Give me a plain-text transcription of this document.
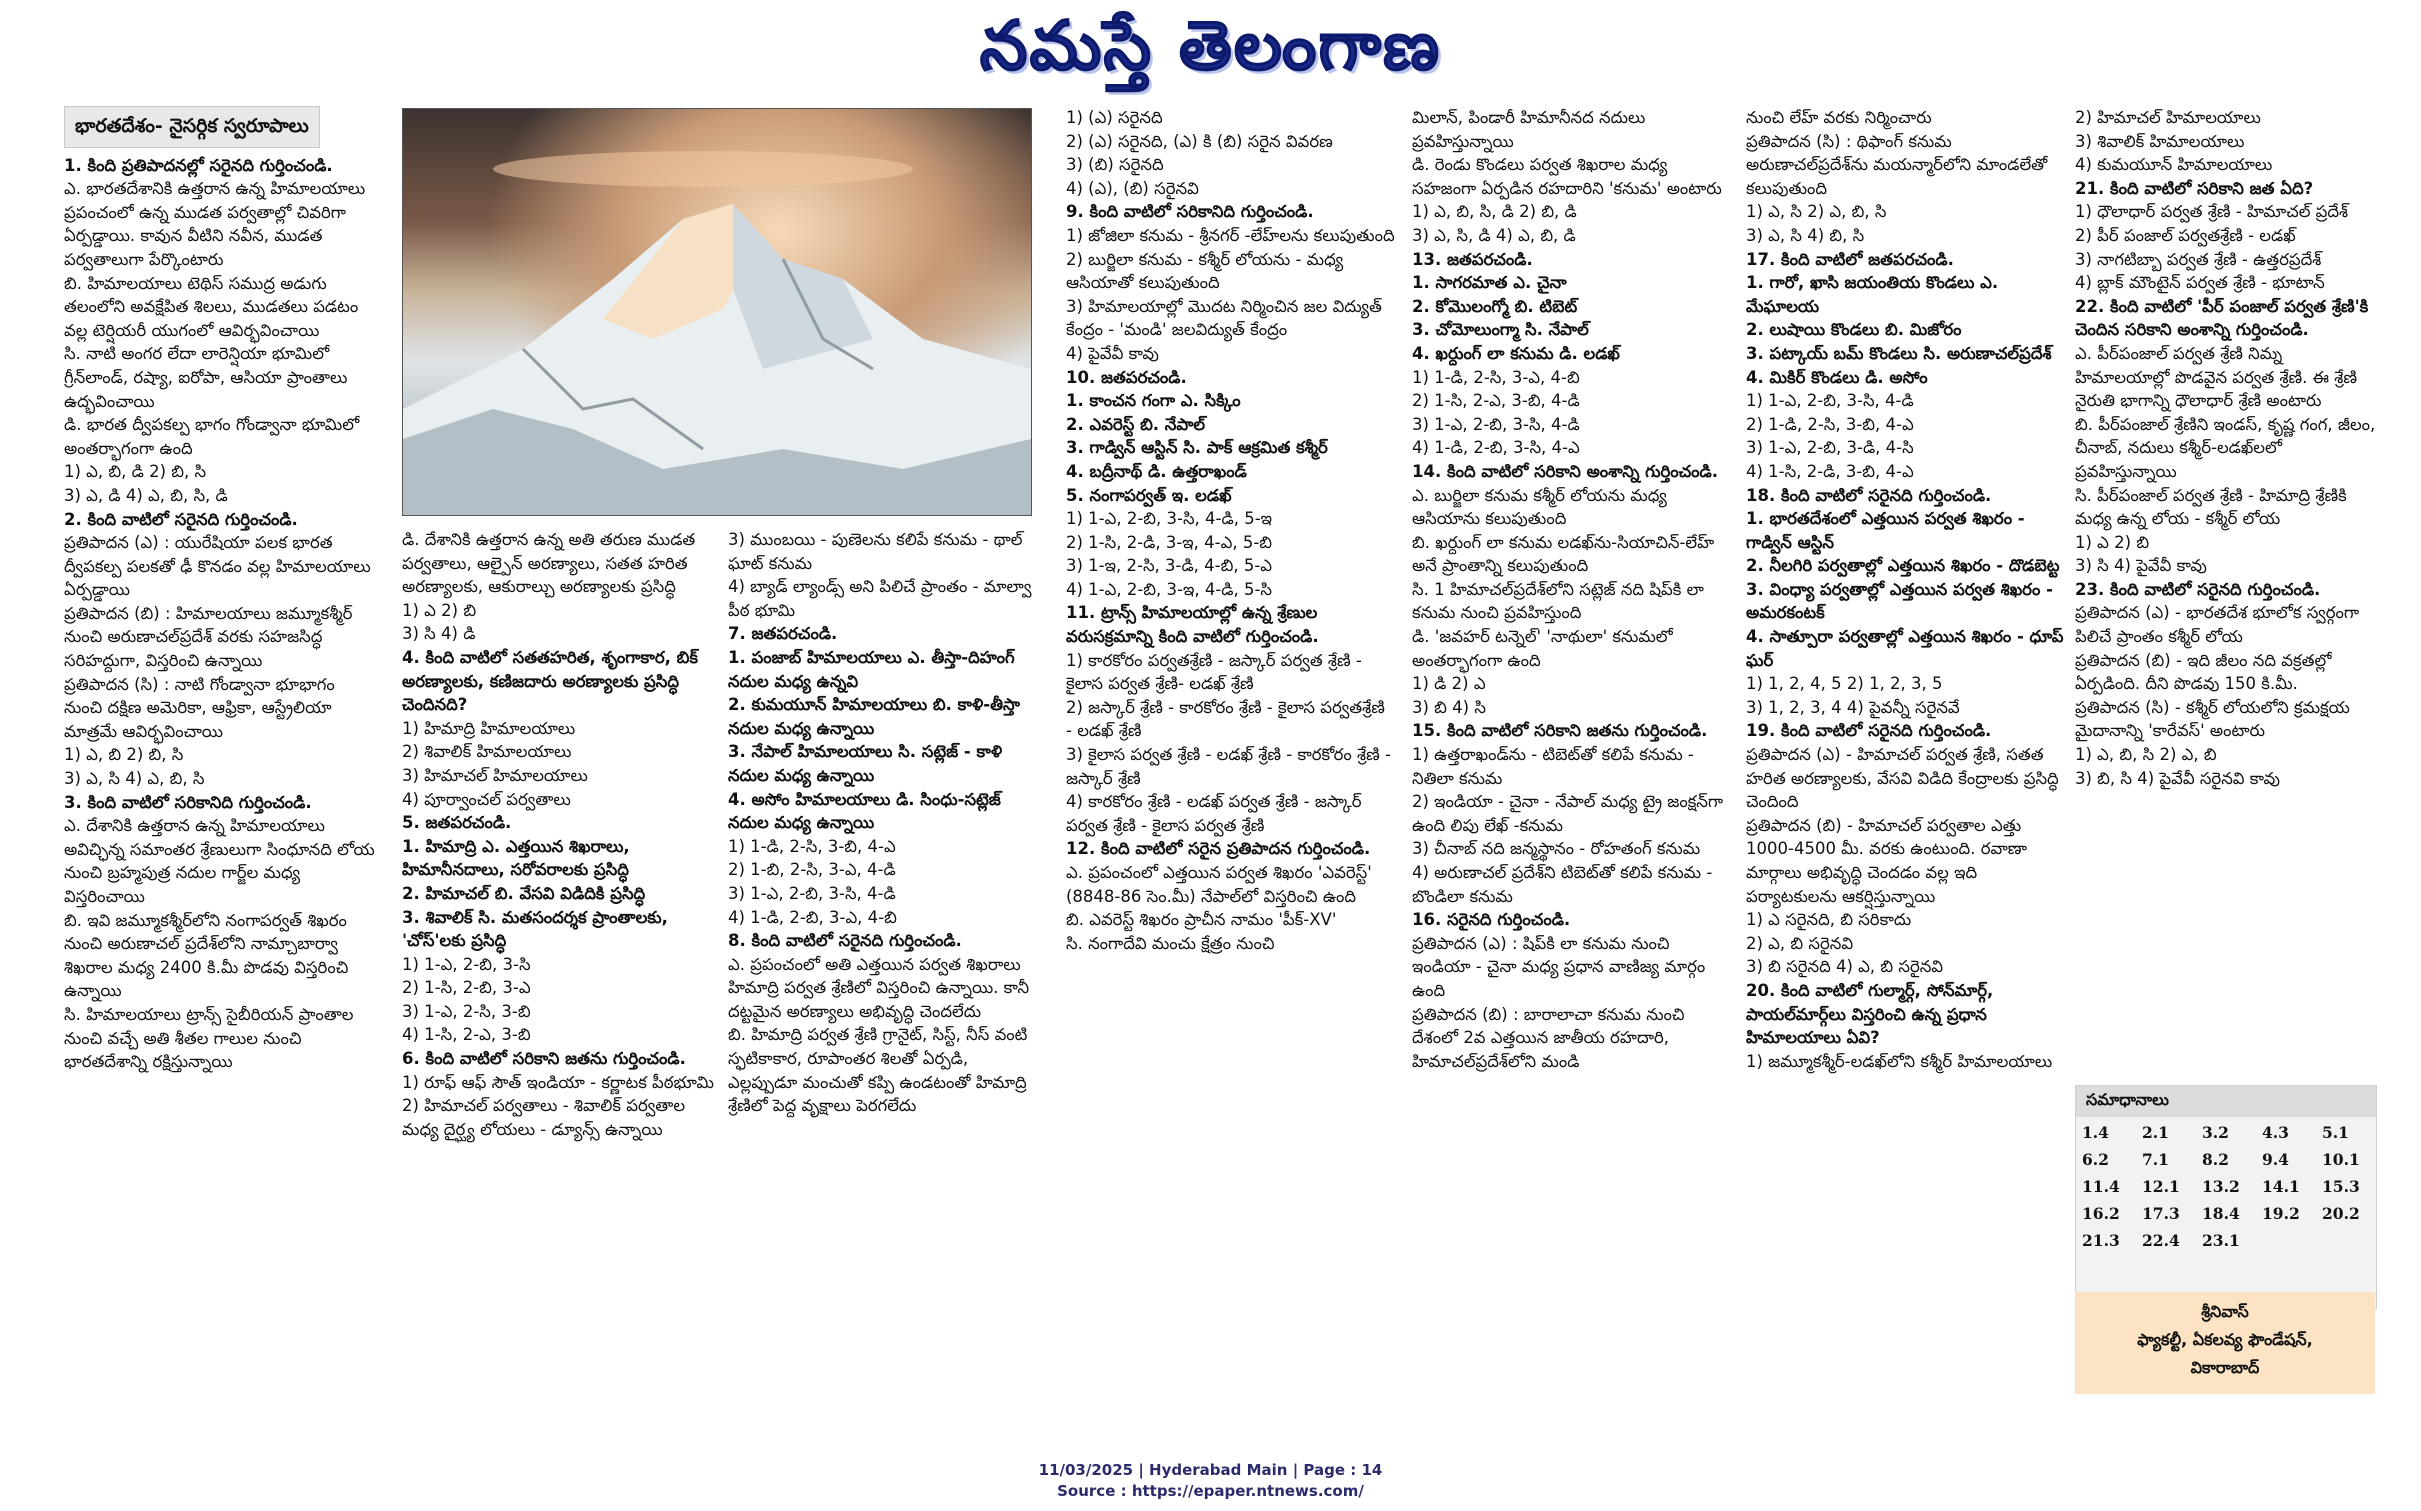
నమస్తే తెలంగాణ
భారతదేశం- నైసర్గిక స్వరూపాలు

1. కింది ప్రతిపాదనల్లో సరైనది గుర్తించండి.

ఎ. భారతదేశానికి ఉత్తరాన ఉన్న హిమాలయాలు ప్రపంచంలో ఉన్న ముడత పర్వతాల్లో చివరిగా ఏర్పడ్డాయి. కావున వీటిని నవీన, ముడత పర్వతాలుగా పేర్కొంటారు

బి. హిమాలయాలు టెథిస్ సముద్ర అడుగు తలంలోని అవక్షేపిత శిలలు, ముడతలు పడటం వల్ల టెర్షియరీ యుగంలో ఆవిర్భవించాయి

సి. నాటి అంగర లేదా లారెన్షియా భూమిలో గ్రీన్‌లాండ్, రష్యా, ఐరోపా, ఆసియా ప్రాంతాలు ఉద్భవించాయి

డి. భారత ద్వీపకల్ప భాగం గోండ్వానా భూమిలో అంతర్భాగంగా ఉంది

1) ఎ, బి, డి 2) బి, సి

3) ఎ, డి 4) ఎ, బి, సి, డి

2. కింది వాటిలో సరైనది గుర్తించండి.

ప్రతిపాదన (ఎ) : యురేషియా పలక భారత ద్వీపకల్ప పలకతో ఢీ కొనడం వల్ల హిమాలయాలు ఏర్పడ్డాయి

ప్రతిపాదన (బి) : హిమాలయాలు జమ్మూకశ్మీర్ నుంచి అరుణాచల్‌ప్రదేశ్ వరకు సహజసిద్ధ సరిహద్దుగా, విస్తరించి ఉన్నాయి

ప్రతిపాదన (సి) : నాటి గోండ్వానా భూభాగం నుంచి దక్షిణ అమెరికా, ఆఫ్రికా, ఆస్ట్రేలియా మాత్రమే ఆవిర్భవించాయి

1) ఎ, బి 2) బి, సి

3) ఎ, సి 4) ఎ, బి, సి

3. కింది వాటిలో సరికానిది గుర్తించండి.

ఎ. దేశానికి ఉత్తరాన ఉన్న హిమాలయాలు అవిచ్ఛిన్న సమాంతర శ్రేణులుగా సింధూనది లోయ నుంచి బ్రహ్మపుత్ర నదుల గార్జ్‌ల మధ్య విస్తరించాయి

బి. ఇవి జమ్మూకశ్మీర్‌లోని నంగాపర్వత్ శిఖరం నుంచి అరుణాచల్ ప్రదేశ్‌లోని నామ్చాబార్వా శిఖరాల మధ్య 2400 కి.మీ పొడవు విస్తరించి ఉన్నాయి

సి. హిమాలయాలు ట్రాన్స్ సైబీరియన్ ప్రాంతాల నుంచి వచ్చే అతి శీతల గాలుల నుంచి భారతదేశాన్ని రక్షిస్తున్నాయి

డి. దేశానికి ఉత్తరాన ఉన్న అతి తరుణ ముడత పర్వతాలు, ఆల్పైన్ అరణ్యాలు, సతత హరిత అరణ్యాలకు, ఆకురాల్చు అరణ్యాలకు ప్రసిద్ధి

1) ఎ 2) బి

3) సి 4) డి

4. కింది వాటిలో సతతహరిత, శృంగాకార, బిక్ అరణ్యాలకు, కణిజదారు అరణ్యాలకు ప్రసిద్ధి చెందినది?

1) హిమాద్రి హిమాలయాలు

2) శివాలిక్ హిమాలయాలు

3) హిమాచల్ హిమాలయాలు

4) పూర్వాంచల్ పర్వతాలు

5. జతపరచండి.

1. హిమాద్రి ఎ. ఎత్తయిన శిఖరాలు, హిమానీనదాలు, సరోవరాలకు ప్రసిద్ధి

2. హిమాచల్ బి. వేసవి విడిదికి ప్రసిద్ధి

3. శివాలిక్ సి. మతసందర్శక ప్రాంతాలకు, 'చోస్'లకు ప్రసిద్ధి

1) 1-ఎ, 2-బి, 3-సి

2) 1-సి, 2-బి, 3-ఎ

3) 1-ఎ, 2-సి, 3-బి

4) 1-సి, 2-ఎ, 3-బి

6. కింది వాటిలో సరికాని జతను గుర్తించండి.

1) రూఫ్ ఆఫ్ సౌత్ ఇండియా - కర్ణాటక పీఠభూమి

2) హిమాచల్ పర్వతాలు - శివాలిక్ పర్వతాల మధ్య దైర్ఘ్య లోయలు - డ్యూన్స్ ఉన్నాయి

3) ముంబయి - పుణెలను కలిపే కనుమ - థాల్ ఘాట్ కనుమ

4) బ్యాడ్ ల్యాండ్స్ అని పిలిచే ప్రాంతం - మాల్వా పీఠ భూమి

7. జతపరచండి.

1. పంజాబ్ హిమాలయాలు ఎ. తీస్తా-దిహంగ్ నదుల మధ్య ఉన్నవి

2. కుమయూన్ హిమాలయాలు బి. కాళి-తీస్తా నదుల మధ్య ఉన్నాయి

3. నేపాల్ హిమాలయాలు సి. సట్లెజ్ - కాళి నదుల మధ్య ఉన్నాయి

4. అసోం హిమాలయాలు డి. సింధు-సట్లెజ్ నదుల మధ్య ఉన్నాయి

1) 1-డి, 2-సి, 3-బి, 4-ఎ

2) 1-బి, 2-సి, 3-ఎ, 4-డి

3) 1-ఎ, 2-బి, 3-సి, 4-డి

4) 1-డి, 2-బి, 3-ఎ, 4-బి

8. కింది వాటిలో సరైనది గుర్తించండి.

ఎ. ప్రపంచంలో అతి ఎత్తయిన పర్వత శిఖరాలు హిమాద్రి పర్వత శ్రేణిలో విస్తరించి ఉన్నాయి. కానీ దట్టమైన అరణ్యాలు అభివృద్ధి చెందలేదు

బి. హిమాద్రి పర్వత శ్రేణి గ్రానైట్, సిస్ట్, నీస్ వంటి స్ఫటికాకార, రూపాంతర శిలతో ఏర్పడి, ఎల్లప్పుడూ మంచుతో కప్పి ఉండటంతో హిమాద్రి శ్రేణిలో పెద్ద వృక్షాలు పెరగలేదు

1) (ఎ) సరైనది

2) (ఎ) సరైనది, (ఎ) కి (బి) సరైన వివరణ

3) (బి) సరైనది

4) (ఎ), (బి) సరైనవి

9. కింది వాటిలో సరికానిది గుర్తించండి.

1) జోజిలా కనుమ - శ్రీనగర్ -లేహ్‌లను కలుపుతుంది

2) బుర్జిలా కనుమ - కశ్మీర్ లోయను - మధ్య ఆసియాతో కలుపుతుంది

3) హిమాలయాల్లో మొదట నిర్మించిన జల విద్యుత్ కేంద్రం - 'మండి' జలవిద్యుత్ కేంద్రం

4) పైవేవీ కావు

10. జతపరచండి.

1. కాంచన గంగా ఎ. సిక్కిం

2. ఎవరెస్ట్ బి. నేపాల్

3. గాడ్విన్ ఆస్టిన్ సి. పాక్ ఆక్రమిత కశ్మీర్

4. బద్రీనాథ్ డి. ఉత్తరాఖండ్

5. నంగాపర్వత్ ఇ. లడఖ్

1) 1-ఎ, 2-బి, 3-సి, 4-డి, 5-ఇ

2) 1-సి, 2-డి, 3-ఇ, 4-ఎ, 5-బి

3) 1-ఇ, 2-సి, 3-డి, 4-బి, 5-ఎ

4) 1-ఎ, 2-బి, 3-ఇ, 4-డి, 5-సి

11. ట్రాన్స్ హిమాలయాల్లో ఉన్న శ్రేణుల వరుసక్రమాన్ని కింది వాటిలో గుర్తించండి.

1) కారకోరం పర్వతశ్రేణి - జస్కార్ పర్వత శ్రేణి - కైలాస పర్వత శ్రేణి- లడఖ్ శ్రేణి

2) జస్కార్ శ్రేణి - కారకోరం శ్రేణి - కైలాస పర్వతశ్రేణి - లడఖ్ శ్రేణి

3) కైలాస పర్వత శ్రేణి - లడఖ్ శ్రేణి - కారకోరం శ్రేణి - జస్కార్ శ్రేణి

4) కారకోరం శ్రేణి - లడఖ్ పర్వత శ్రేణి - జస్కార్ పర్వత శ్రేణి - కైలాస పర్వత శ్రేణి

12. కింది వాటిలో సరైన ప్రతిపాదన గుర్తించండి.

ఎ. ప్రపంచంలో ఎత్తయిన పర్వత శిఖరం 'ఎవరెస్ట్' (8848-86 సెం.మీ) నేపాల్‌లో విస్తరించి ఉంది

బి. ఎవరెస్ట్ శిఖరం ప్రాచీన నామం 'పీక్-XV'

సి. నంగాదేవి మంచు క్షేత్రం నుంచి

మిలాన్, పిండారీ హిమానీనద నదులు ప్రవహిస్తున్నాయి

డి. రెండు కొండలు పర్వత శిఖరాల మధ్య సహజంగా ఏర్పడిన రహదారిని 'కనుమ' అంటారు

1) ఎ, బి, సి, డి 2) బి, డి

3) ఎ, సి, డి 4) ఎ, బి, డి

13. జతపరచండి.

1. సాగరమాత ఎ. చైనా

2. కోమొలంగ్మో బి. టిబెట్

3. చోమోలుంగ్మా సి. నేపాల్

4. ఖర్దుంగ్ లా కనుమ డి. లడఖ్

1) 1-డి, 2-సి, 3-ఎ, 4-బి

2) 1-సి, 2-ఎ, 3-బి, 4-డి

3) 1-ఎ, 2-బి, 3-సి, 4-డి

4) 1-డి, 2-బి, 3-సి, 4-ఎ

14. కింది వాటిలో సరికాని అంశాన్ని గుర్తించండి.

ఎ. బుర్జిలా కనుమ కశ్మీర్ లోయను మధ్య ఆసియాను కలుపుతుంది

బి. ఖర్దుంగ్ లా కనుమ లడఖ్‌ను-సియాచిన్-లేహ్ అనే ప్రాంతాన్ని కలుపుతుంది

సి. 1 హిమాచల్‌ప్రదేశ్‌లోని సట్లెజ్ నది షిప్‌కి లా కనుమ నుంచి ప్రవహిస్తుంది

డి. 'జవహర్ టన్నెల్' 'నాథులా' కనుమలో అంతర్భాగంగా ఉంది

1) డి 2) ఎ

3) బి 4) సి

15. కింది వాటిలో సరికాని జతను గుర్తించండి.

1) ఉత్తరాఖండ్‌ను - టిబెట్‌తో కలిపే కనుమ - నితిలా కనుమ

2) ఇండియా - చైనా - నేపాల్ మధ్య ట్రై జంక్షన్‌గా ఉంది లిపు లేఖ్ -కనుమ

3) చీనాబ్ నది జన్మస్థానం - రోహతంగ్ కనుమ

4) అరుణాచల్ ప్రదేశ్‌ని టిబెట్‌తో కలిపే కనుమ - బొండిలా కనుమ

16. సరైనది గుర్తించండి.

ప్రతిపాదన (ఎ) : షిప్‌కి లా కనుమ నుంచి ఇండియా - చైనా మధ్య ప్రధాన వాణిజ్య మార్గం ఉంది

ప్రతిపాదన (బి) : బారాలాచా కనుమ నుంచి దేశంలో 2వ ఎత్తయిన జాతీయ రహదారి, హిమాచల్‌ప్రదేశ్‌లోని మండి

నుంచి లేహ్ వరకు నిర్మించారు

ప్రతిపాదన (సి) : థిఫాంగ్ కనుమ అరుణాచల్‌ప్రదేశ్‌ను మయన్మార్‌లోని మాండలేతో కలుపుతుంది

1) ఎ, సి 2) ఎ, బి, సి

3) ఎ, సి 4) బి, సి

17. కింది వాటిలో జతపరచండి.

1. గారో, ఖాసి జయంతియ కొండలు ఎ. మేఘాలయ

2. లుషాయి కొండలు బి. మిజోరం

3. పట్కాయ్ బమ్ కొండలు సి. అరుణాచల్‌ప్రదేశ్

4. మికిర్ కొండలు డి. అసోం

1) 1-ఎ, 2-బి, 3-సి, 4-డి

2) 1-డి, 2-సి, 3-బి, 4-ఎ

3) 1-ఎ, 2-బి, 3-డి, 4-సి

4) 1-సి, 2-డి, 3-బి, 4-ఎ

18. కింది వాటిలో సరైనది గుర్తించండి.

1. భారతదేశంలో ఎత్తయిన పర్వత శిఖరం - గాడ్విన్ ఆస్టిన్

2. నీలగిరి పర్వతాల్లో ఎత్తయిన శిఖరం - దొడబెట్ట

3. వింధ్యా పర్వతాల్లో ఎత్తయిన పర్వత శిఖరం - అమరకంటక్

4. సాత్పూరా పర్వతాల్లో ఎత్తయిన శిఖరం - ధూప్ ఘర్

1) 1, 2, 4, 5 2) 1, 2, 3, 5

3) 1, 2, 3, 4 4) పైవన్నీ సరైనవే

19. కింది వాటిలో సరైనది గుర్తించండి.

ప్రతిపాదన (ఎ) - హిమాచల్ పర్వత శ్రేణి, సతత హరిత అరణ్యాలకు, వేసవి విడిది కేంద్రాలకు ప్రసిద్ధి చెందింది

ప్రతిపాదన (బి) - హిమాచల్ పర్వతాల ఎత్తు 1000-4500 మీ. వరకు ఉంటుంది. రవాణా మార్గాలు అభివృద్ధి చెందడం వల్ల ఇది పర్యాటకులను ఆకర్షిస్తున్నాయి

1) ఎ సరైనది, బి సరికాదు

2) ఎ, బి సరైనవి

3) బి సరైనది 4) ఎ, బి సరైనవి

20. కింది వాటిలో గుల్మార్గ్, సోన్‌మార్గ్, పాయల్‌మార్గ్‌లు విస్తరించి ఉన్న ప్రధాన హిమాలయాలు ఏవి?

1) జమ్మూకశ్మీర్-లడఖ్‌లోని కశ్మీర్ హిమాలయాలు

2) హిమాచల్ హిమాలయాలు

3) శివాలిక్ హిమాలయాలు

4) కుమయూన్ హిమాలయాలు

21. కింది వాటిలో సరికాని జత ఏది?

1) ధౌలాధార్ పర్వత శ్రేణి - హిమాచల్ ప్రదేశ్

2) పీర్ పంజాల్ పర్వతశ్రేణి - లడఖ్

3) నాగటిబ్బా పర్వత శ్రేణి - ఉత్తరప్రదేశ్

4) బ్లాక్ మౌంటైన్ పర్వత శ్రేణి - భూటాన్

22. కింది వాటిలో 'పీర్ పంజాల్ పర్వత శ్రేణి'కి చెందిన సరికాని అంశాన్ని గుర్తించండి.

ఎ. పీర్‌పంజాల్ పర్వత శ్రేణి నిమ్న హిమాలయాల్లో పొడవైన పర్వత శ్రేణి. ఈ శ్రేణి నైరుతి భాగాన్ని ధౌలాధార్ శ్రేణి అంటారు

బి. పీర్‌పంజాల్ శ్రేణిని ఇండస్, కృష్ణ గంగ, జీలం, చీనాబ్, నదులు కశ్మీర్-లడఖ్‌లలో ప్రవహిస్తున్నాయి

సి. పీర్‌పంజాల్ పర్వత శ్రేణి - హిమాద్రి శ్రేణికి మధ్య ఉన్న లోయ - కశ్మీర్ లోయ

1) ఎ 2) బి

3) సి 4) పైవేవీ కావు

23. కింది వాటిలో సరైనది గుర్తించండి.

ప్రతిపాదన (ఎ) - భారతదేశ భూలోక స్వర్గంగా పిలిచే ప్రాంతం కశ్మీర్ లోయ

ప్రతిపాదన (బి) - ఇది జీలం నది వక్రతల్లో ఏర్పడింది. దీని పొడవు 150 కి.మీ.

ప్రతిపాదన (సి) - కశ్మీర్ లోయలోని క్రమక్షయ మైదానాన్ని 'కారేవస్' అంటారు

1) ఎ, బి, సి 2) ఎ, బి

3) బి, సి 4) పైవేవీ సరైనవి కావు

సమాధానాలు
1.4	2.1	3.2	4.3	5.1
6.2	7.1	8.2	9.4	10.1
11.4	12.1	13.2	14.1	15.3
16.2	17.3	18.4	19.2	20.2
21.3	22.4	23.1		
శ్రీనివాస్
ఫ్యాకల్టీ, ఏకలవ్య ఫౌండేషన్,
వికారాబాద్
11/03/2025 | Hyderabad Main | Page : 14
Source : https://epaper.ntnews.com/
